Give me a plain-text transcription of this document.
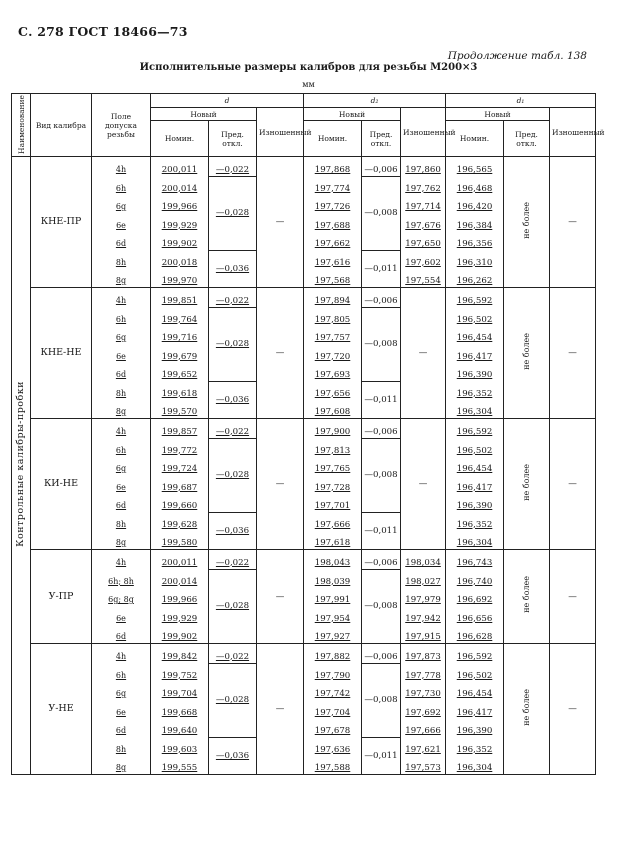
С. 278 ГОСТ 18466—73
Продолжение табл. 138
Исполнительные размеры калибров для резьбы М200×3
мм
Наименование	Вид калибра	Поле допуска резьбы	d			d₂			d₁		
			Новый		Изношенный	Новый		Изношенный	Новый		Изношенный
			Номин.	Пред. откл.		Номин.	Пред. откл.		Номин.	Пред. откл.	
Контрольные калибры-пробки	КНЕ-ПР	4h	200,011	—0,022	—	197,868	—0,006	197,860	196,565	не более	—
		6h	200,014	—0,028		197,774	—0,008	197,762	196,468		
		6g	199,966			197,726		197,714	196,420		
		6e	199,929			197,688		197,676	196,384		
		6d	199,902			197,662		197,650	196,356		
		8h	200,018	—0,036		197,616	—0,011	197,602	196,310		
		8g	199,970			197,568		197,554	196,262		
	КНЕ-НЕ	4h	199,851	—0,022	—	197,894	—0,006	—	196,592	не более	—
		6h	199,764	—0,028		197,805	—0,008		196,502		
		6g	199,716			197,757			196,454		
		6e	199,679			197,720			196,417		
		6d	199,652			197,693			196,390		
		8h	199,618	—0,036		197,656	—0,011		196,352		
		8g	199,570			197,608			196,304		
	КИ-НЕ	4h	199,857	—0,022	—	197,900	—0,006	—	196,592	не более	—
		6h	199,772	—0,028		197,813	—0,008		196,502		
		6g	199,724			197,765			196,454		
		6e	199,687			197,728			196,417		
		6d	199,660			197,701			196,390		
		8h	199,628	—0,036		197,666	—0,011		196,352		
		8g	199,580			197,618			196,304		
	У-ПР	4h	200,011	—0,022	—	198,043	—0,006	198,034	196,743	не более	—
		6h; 8h	200,014	—0,028		198,039	—0,008	198,027	196,740		
		6g; 8g	199,966			197,991		197,979	196,692		
		6e	199,929			197,954		197,942	196,656		
		6d	199,902			197,927		197,915	196,628		
	У-НЕ	4h	199,842	—0,022	—	197,882	—0,006	197,873	196,592	не более	—
		6h	199,752	—0,028		197,790	—0,008	197,778	196,502		
		6g	199,704			197,742		197,730	196,454		
		6e	199,668			197,704		197,692	196,417		
		6d	199,640			197,678		197,666	196,390		
		8h	199,603	—0,036		197,636	—0,011	197,621	196,352		
		8g	199,555			197,588		197,573	196,304		
